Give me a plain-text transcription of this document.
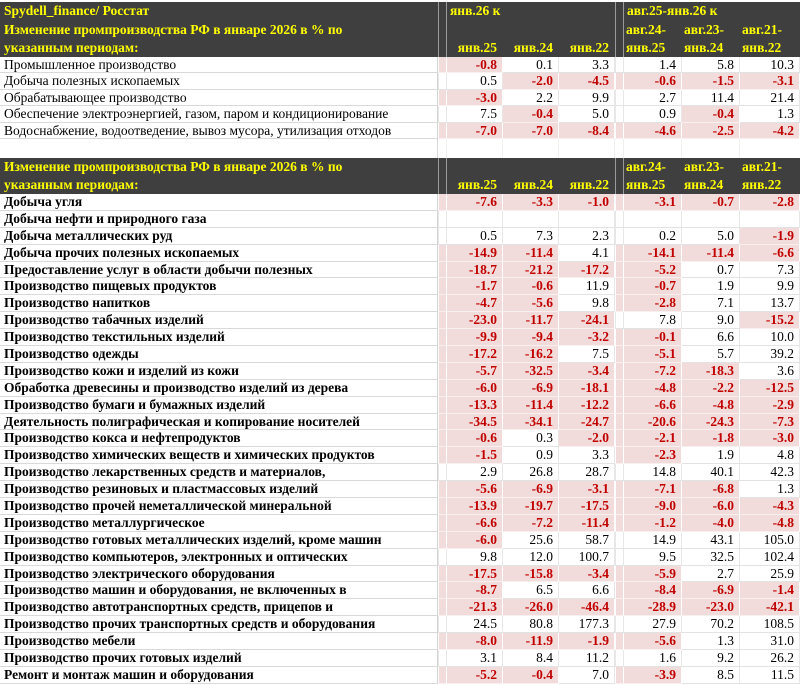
Spydell_finance/ Росстат	янв.26 к	авг.25-янв.26 к
Изменение промпроизводства РФ в январе 2026 в % по	авг.24-	авг.23-	авг.21-
указанным периодам:	янв.25	янв.24	янв.22	янв.25	янв.24	янв.22
Промышленное производство	-0.8	0.1	3.3	1.4	5.8	10.3
Добыча полезных ископаемых	0.5	-2.0	-4.5	-0.6	-1.5	-3.1
Обрабатывающее производство	-3.0	2.2	9.9	2.7	11.4	21.4
Обеспечение электроэнергией, газом, паром и кондиционирование	7.5	-0.4	5.0	0.9	-0.4	1.3
Водоснабжение, водоотведение, вывоз мусора, утилизация отходов	-7.0	-7.0	-8.4	-4.6	-2.5	-4.2
Изменение промпроизводства РФ в январе 2026 в % по	авг.24-	авг.23-	авг.21-
указанным периодам:	янв.25	янв.24	янв.22	янв.25	янв.24	янв.22
Добыча угля	-7.6	-3.3	-1.0	-3.1	-0.7	-2.8
Добыча нефти и природного газа
Добыча металлических руд	0.5	7.3	2.3	0.2	5.0	-1.9
Добыча прочих полезных ископаемых	-14.9	-11.4	4.1	-14.1	-11.4	-6.6
Предоставление услуг в области добычи полезных	-18.7	-21.2	-17.2	-5.2	0.7	7.3
Производство пищевых продуктов	-1.7	-0.6	11.9	-0.7	1.9	9.9
Производство напитков	-4.7	-5.6	9.8	-2.8	7.1	13.7
Производство табачных изделий	-23.0	-11.7	-24.1	7.8	9.0	-15.2
Производство текстильных изделий	-9.9	-9.4	-3.2	-0.1	6.6	10.0
Производство одежды	-17.2	-16.2	7.5	-5.1	5.7	39.2
Производство кожи и изделий из кожи	-5.7	-32.5	-3.4	-7.2	-18.3	3.6
Обработка древесины и производство изделий из дерева	-6.0	-6.9	-18.1	-4.8	-2.2	-12.5
Производство бумаги и бумажных изделий	-13.3	-11.4	-12.2	-6.6	-4.8	-2.9
Деятельность полиграфическая и копирование носителей	-34.5	-34.1	-24.7	-20.6	-24.3	-7.3
Производство кокса и нефтепродуктов	-0.6	0.3	-2.0	-2.1	-1.8	-3.0
Производство химических веществ и химических продуктов	-1.5	0.9	3.3	-2.3	1.9	4.8
Производство лекарственных средств и материалов,	2.9	26.8	28.7	14.8	40.1	42.3
Производство резиновых и пластмассовых изделий	-5.6	-6.9	-3.1	-7.1	-6.8	1.3
Производство прочей неметаллической минеральной	-13.9	-19.7	-17.5	-9.0	-6.0	-4.3
Производство металлургическое	-6.6	-7.2	-11.4	-1.2	-4.0	-4.8
Производство готовых металлических изделий, кроме машин	-6.0	25.6	58.7	14.9	43.1	105.0
Производство компьютеров, электронных и оптических	9.8	12.0	100.7	9.5	32.5	102.4
Производство электрического оборудования	-17.5	-15.8	-3.4	-5.9	2.7	25.9
Производство машин и оборудования, не включенных в	-8.7	6.5	6.6	-8.4	-6.9	-1.4
Производство автотранспортных средств, прицепов и	-21.3	-26.0	-46.4	-28.9	-23.0	-42.1
Производство прочих транспортных средств и оборудования	24.5	80.8	177.3	27.9	70.2	108.5
Производство мебели	-8.0	-11.9	-1.9	-5.6	1.3	31.0
Производство прочих готовых изделий	3.1	8.4	11.2	1.6	9.2	26.2
Ремонт и монтаж машин и оборудования	-5.2	-0.4	7.0	-3.9	8.5	11.5
